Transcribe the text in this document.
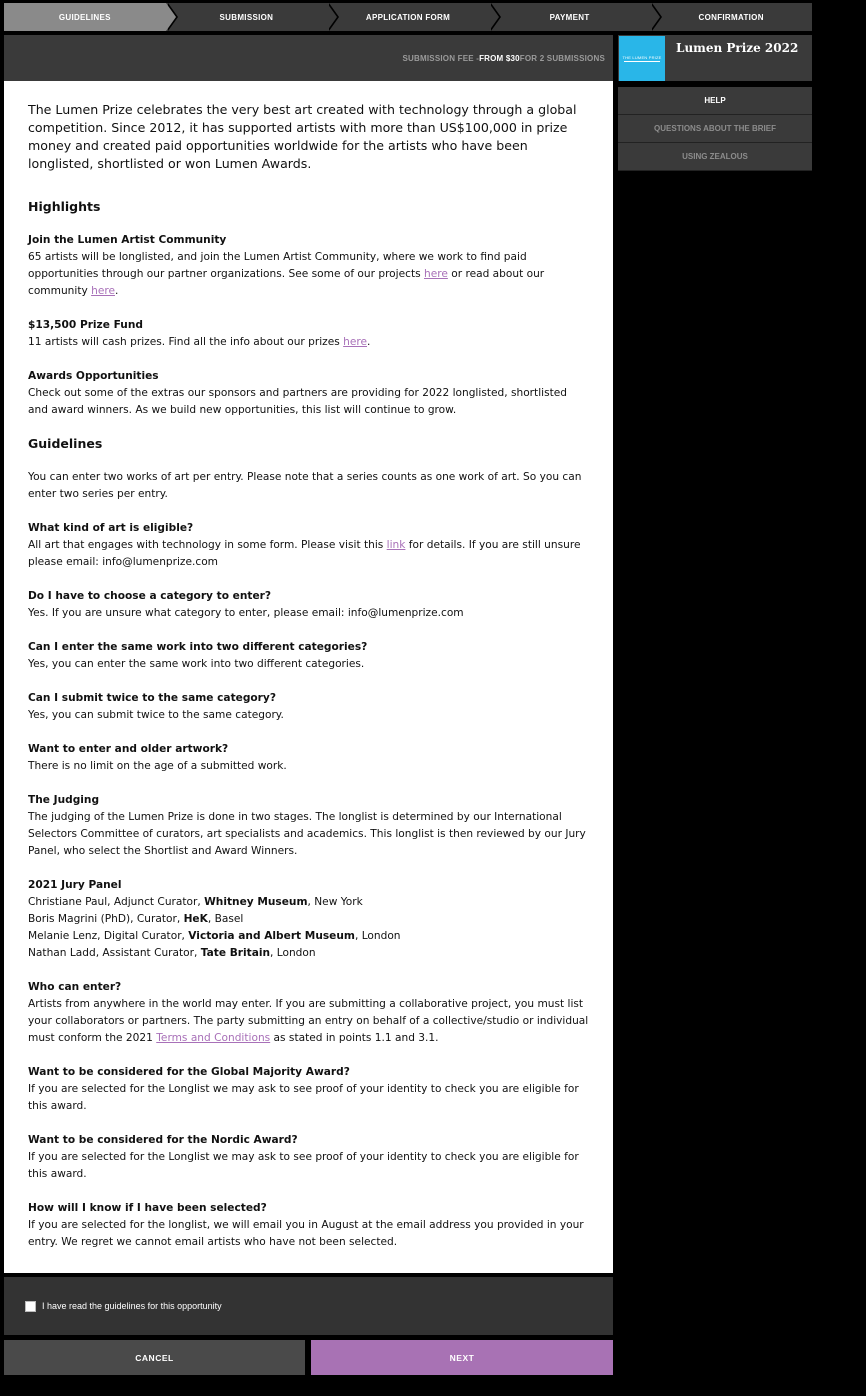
GUIDELINES	SUBMISSION	APPLICATION FORM	PAYMENT	CONFIRMATION
SUBMISSION FEE - FROM $30 FOR 2 SUBMISSIONS

The Lumen Prize celebrates the very best art created with technology through a global competition. Since 2012, it has supported artists with more than US$100,000 in prize money and created paid opportunities worldwide for the artists who have been longlisted, shortlisted or won Lumen Awards.

Highlights
Join the Lumen Artist Community
65 artists will be longlisted, and join the Lumen Artist Community, where we work to find paid opportunities through our partner organizations. See some of our projects here or read about our community here.
$13,500 Prize Fund
11 artists will cash prizes. Find all the info about our prizes here.
Awards Opportunities
Check out some of the extras our sponsors and partners are providing for 2022 longlisted, shortlisted and award winners. As we build new opportunities, this list will continue to grow.
Guidelines
You can enter two works of art per entry. Please note that a series counts as one work of art. So you can enter two series per entry.
What kind of art is eligible?
All art that engages with technology in some form. Please visit this link for details. If you are still unsure please email: info@lumenprize.com
Do I have to choose a category to enter?
Yes. If you are unsure what category to enter, please email: info@lumenprize.com
Can I enter the same work into two different categories?
Yes, you can enter the same work into two different categories.
Can I submit twice to the same category?
Yes, you can submit twice to the same category.
Want to enter and older artwork?
There is no limit on the age of a submitted work.
The Judging
The judging of the Lumen Prize is done in two stages. The longlist is determined by our International Selectors Committee of curators, art specialists and academics. This longlist is then reviewed by our Jury Panel, who select the Shortlist and Award Winners.
2021 Jury Panel
Christiane Paul, Adjunct Curator, Whitney Museum, New York
Boris Magrini (PhD), Curator, HeK, Basel
Melanie Lenz, Digital Curator, Victoria and Albert Museum, London
Nathan Ladd, Assistant Curator, Tate Britain, London
Who can enter?
Artists from anywhere in the world may enter. If you are submitting a collaborative project, you must list your collaborators or partners. The party submitting an entry on behalf of a collective/studio or individual must conform the 2021 Terms and Conditions as stated in points 1.1 and 3.1.
Want to be considered for the Global Majority Award?
If you are selected for the Longlist we may ask to see proof of your identity to check you are eligible for this award.
Want to be considered for the Nordic Award?
If you are selected for the Longlist we may ask to see proof of your identity to check you are eligible for this award.
How will I know if I have been selected?
If you are selected for the longlist, we will email you in August at the email address you provided in your entry. We regret we cannot email artists who have not been selected.
I have read the guidelines for this opportunity
CANCEL	NEXT
THE LUMEN PRIZE
Lumen Prize 2022
HELP
QUESTIONS ABOUT THE BRIEF
USING ZEALOUS
